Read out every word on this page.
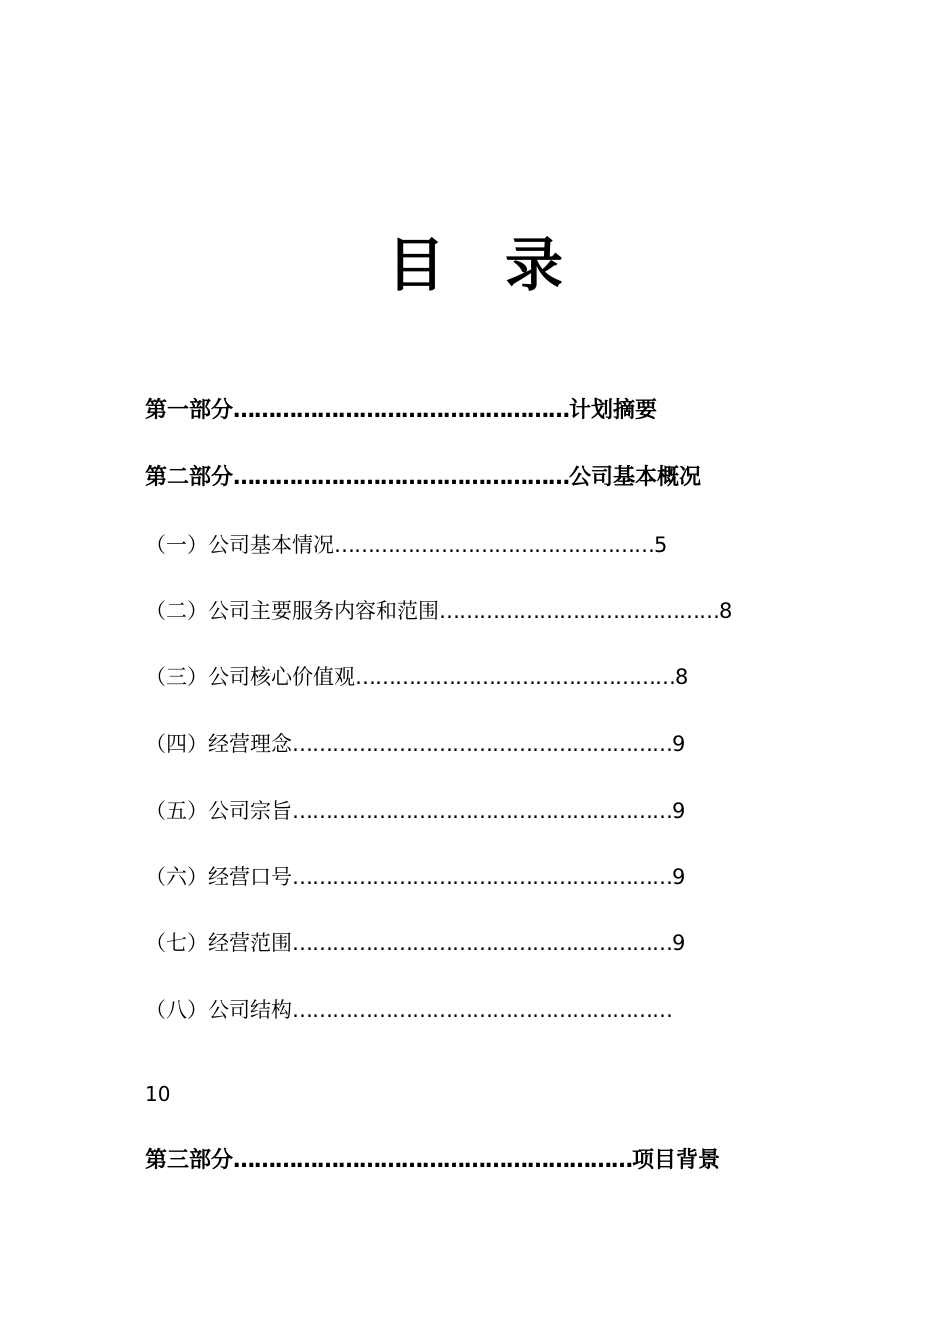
目 录
第一部分…………………………………………计划摘要
第二部分…………………………………………公司基本概况
（一）公司基本情况…………………………………………5
（二）公司主要服务内容和范围……………………………………8
（三）公司核心价值观…………………………………………8
（四）经营理念…………………………………………………9
（五）公司宗旨…………………………………………………9
（六）经营口号…………………………………………………9
（七）经营范围…………………………………………………9
（八）公司结构…………………………………………………
10
第三部分…………………………………………………项目背景
